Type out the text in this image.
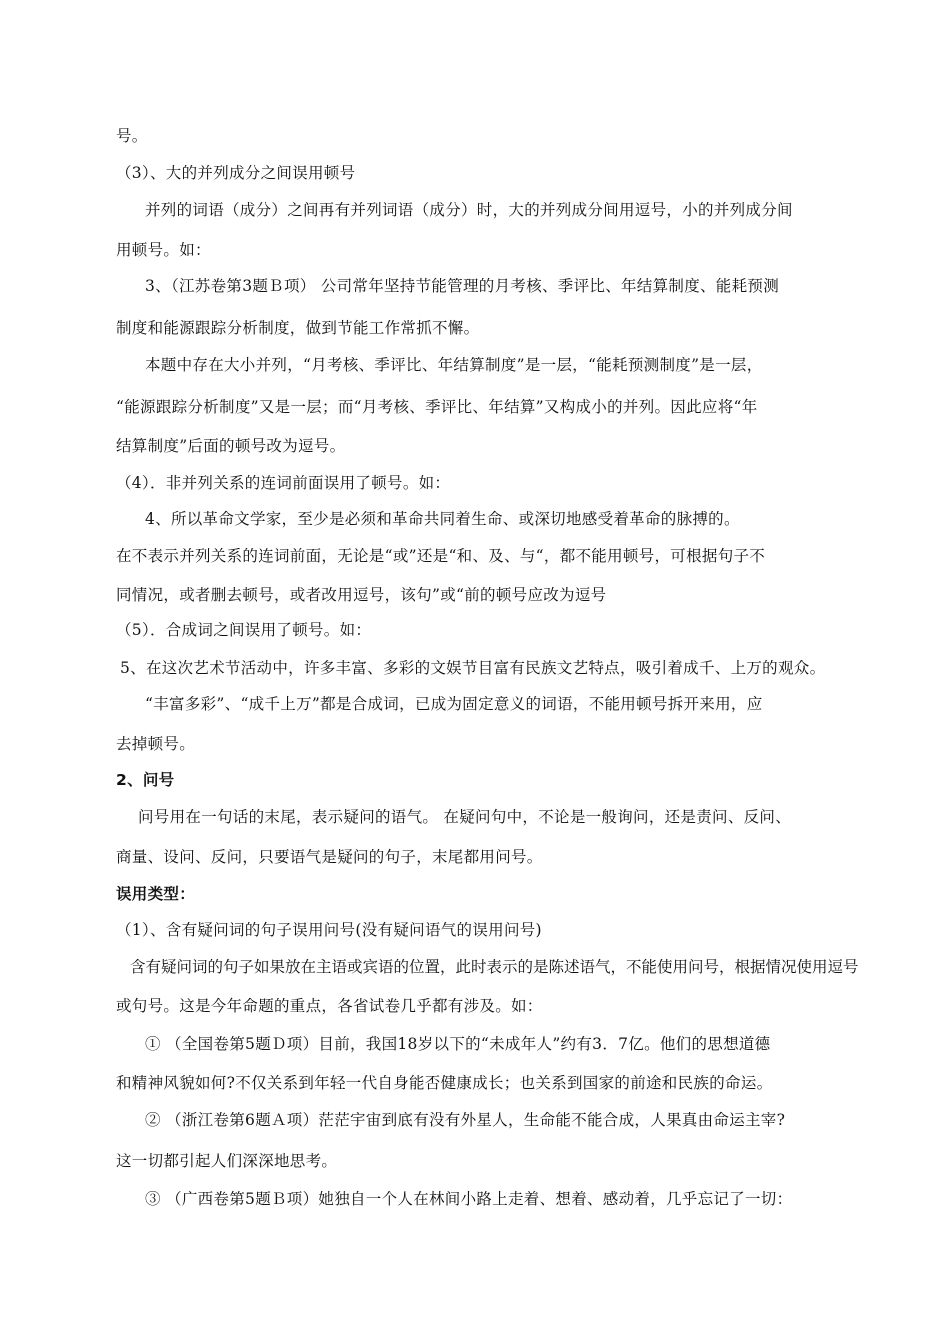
号。
（3）、大的并列成分之间误用顿号
并列的词语（成分）之间再有并列词语（成分）时，大的并列成分间用逗号，小的并列成分间
用顿号。如：
3、（江苏卷第3题Ｂ项） 公司常年坚持节能管理的月考核、季评比、年结算制度、能耗预测
制度和能源跟踪分析制度，做到节能工作常抓不懈。
本题中存在大小并列，“月考核、季评比、年结算制度”是一层，“能耗预测制度”是一层，
“能源跟踪分析制度”又是一层；而“月考核、季评比、年结算”又构成小的并列。因此应将“年
结算制度”后面的顿号改为逗号。
（4）．非并列关系的连词前面误用了顿号。如：
4、所以革命文学家，至少是必须和革命共同着生命、或深切地感受着革命的脉搏的。
在不表示并列关系的连词前面，无论是“或”还是“和、及、与“，都不能用顿号，可根据句子不
同情况，或者删去顿号，或者改用逗号，该句”或“前的顿号应改为逗号
（5）．合成词之间误用了顿号。如：
5、在这次艺术节活动中，许多丰富、多彩的文娱节目富有民族文艺特点，吸引着成千、上万的观众。
“丰富多彩”、“成千上万”都是合成词，已成为固定意义的词语，不能用顿号拆开来用，应
去掉顿号。
2、问号
问号用在一句话的末尾，表示疑问的语气。 在疑问句中，不论是一般询问，还是责问、反问、
商量、设问、反问，只要语气是疑问的句子，末尾都用问号。
误用类型：
（1）、含有疑问词的句子误用问号(没有疑问语气的误用问号)
含有疑问词的句子如果放在主语或宾语的位置，此时表示的是陈述语气，不能使用问号，根据情况使用逗号
或句号。这是今年命题的重点，各省试卷几乎都有涉及。如：
① （全国卷第5题Ｄ项）目前，我国18岁以下的“未成年人”约有3．7亿。他们的思想道德
和精神风貌如何?不仅关系到年轻一代自身能否健康成长；也关系到国家的前途和民族的命运。
② （浙江卷第6题Ａ项）茫茫宇宙到底有没有外星人，生命能不能合成，人果真由命运主宰?
这一切都引起人们深深地思考。
③ （广西卷第5题Ｂ项）她独自一个人在林间小路上走着、想着、感动着，几乎忘记了一切：
